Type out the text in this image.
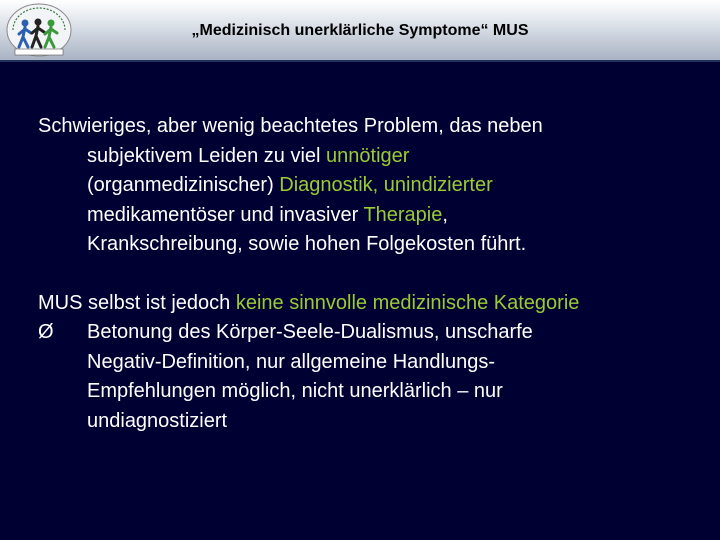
„Medizinisch unerklärliche Symptome“ MUS
Schwieriges, aber wenig beachtetes Problem, das neben
subjektivem Leiden zu viel unnötiger
(organmedizinischer) Diagnostik, unindizierter
medikamentöser und invasiver Therapie,
Krankschreibung, sowie hohen Folgekosten führt.
MUS selbst ist jedoch keine sinnvolle medizinische Kategorie
Ø	Betonung des Körper-Seele-Dualismus, unscharfe
Negativ-Definition, nur allgemeine Handlungs-
Empfehlungen möglich, nicht unerklärlich – nur
undiagnostiziert
